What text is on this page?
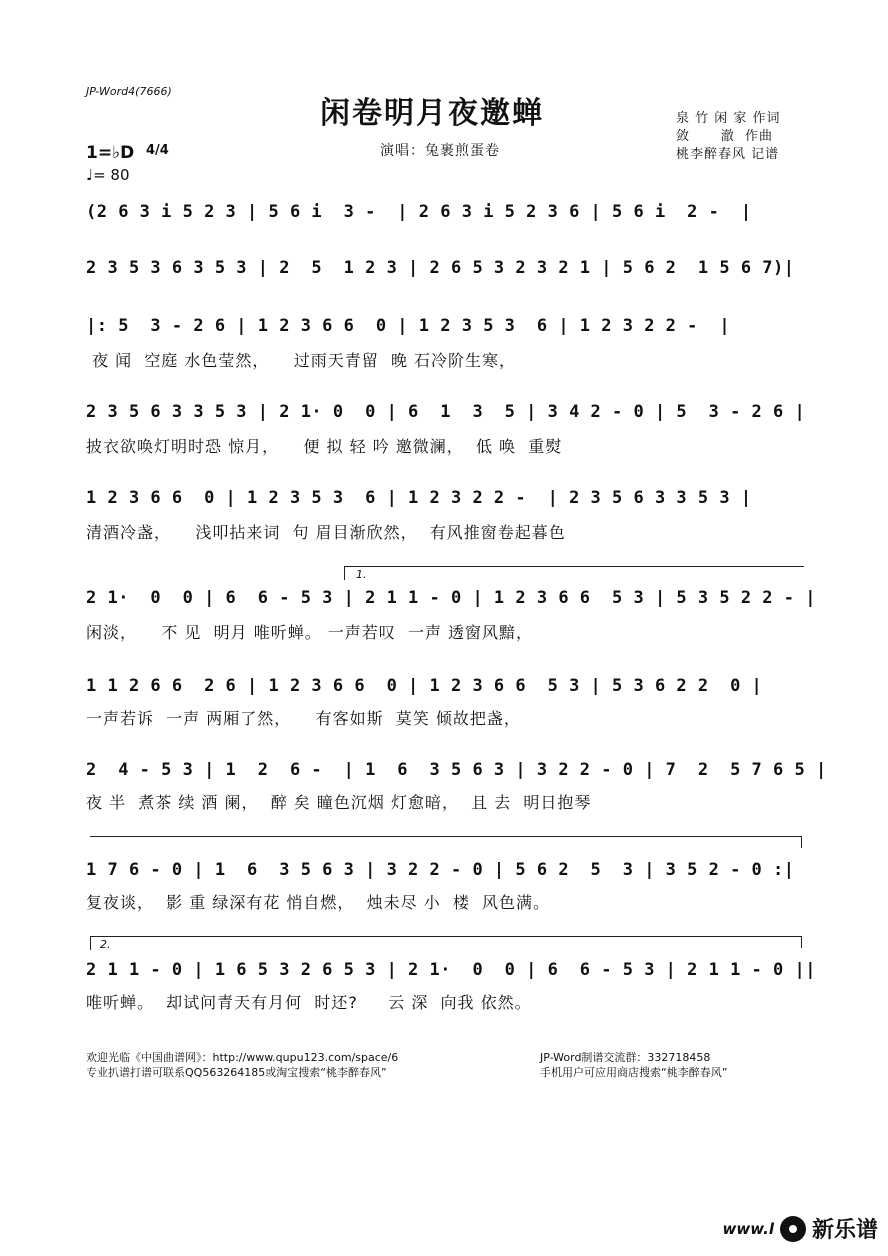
JP-Word4(7666)
闲卷明月夜邀蝉
演唱：兔裹煎蛋卷
1=♭D 4/4
♩= 80
泉 竹 闲 家 作词
敛      澈  作曲
桃李醉春风 记谱
(2 6 3 i 5 2 3 | 5 6 i  3 -  | 2 6 3 i 5 2 3 6 | 5 6 i  2 -  |
2 3 5 3 6 3 5 3 | 2  5  1 2 3 | 2 6 5 3 2 3 2 1 | 5 6 2  1 5 6 7)|
|: 5  3 - 2 6 | 1 2 3 6 6  0 | 1 2 3 5 3  6 | 1 2 3 2 2 -  |
夜 闻  空庭 水色莹然，    过雨天青留  晚 石冷阶生寒，
2 3 5 6 3 3 5 3 | 2 1· 0  0 | 6  1  3  5 | 3 4 2 - 0 | 5  3 - 2 6 |
披衣欲唤灯明时恐 惊月，    便 拟 轻 吟 邀微澜，  低 唤  重熨
1 2 3 6 6  0 | 1 2 3 5 3  6 | 1 2 3 2 2 -  | 2 3 5 6 3 3 5 3 |
清酒冷盏，    浅叩拈来词  句 眉目渐欣然，  有风推窗卷起暮色
1.
2 1·  0  0 | 6  6 - 5 3 | 2 1 1 - 0 | 1 2 3 6 6  5 3 | 5 3 5 2 2 - |
闲淡，    不 见  明月 唯听蝉。 一声若叹  一声 透窗风黯，
1 1 2 6 6  2 6 | 1 2 3 6 6  0 | 1 2 3 6 6  5 3 | 5 3 6 2 2  0 |
一声若诉  一声 两厢了然，    有客如斯  莫笑 倾故把盏，
2  4 - 5 3 | 1  2  6 -  | 1  6  3 5 6 3 | 3 2 2 - 0 | 7  2  5 7 6 5 |
夜 半  煮茶 续 酒 阑，  醉 矣 瞳色沉烟 灯愈暗，  且 去  明日抱琴
1 7 6 - 0 | 1  6  3 5 6 3 | 3 2 2 - 0 | 5 6 2  5  3 | 3 5 2 - 0 :|
复夜谈，  影 重 绿深有花 悄自燃，  烛未尽 小  楼  风色满。
2.
2 1 1 - 0 | 1 6 5 3 2 6 5 3 | 2 1·  0  0 | 6  6 - 5 3 | 2 1 1 - 0 ||
唯听蝉。  却试问青天有月何  时还?     云 深  向我 依然。
欢迎光临《中国曲谱网》：http://www.qupu123.com/space/6
专业扒谱打谱可联系QQ563264185或淘宝搜索“桃李醉春风”
JP-Word制谱交流群：332718458
手机用户可应用商店搜索“桃李醉春风”
www.l 新乐谱
